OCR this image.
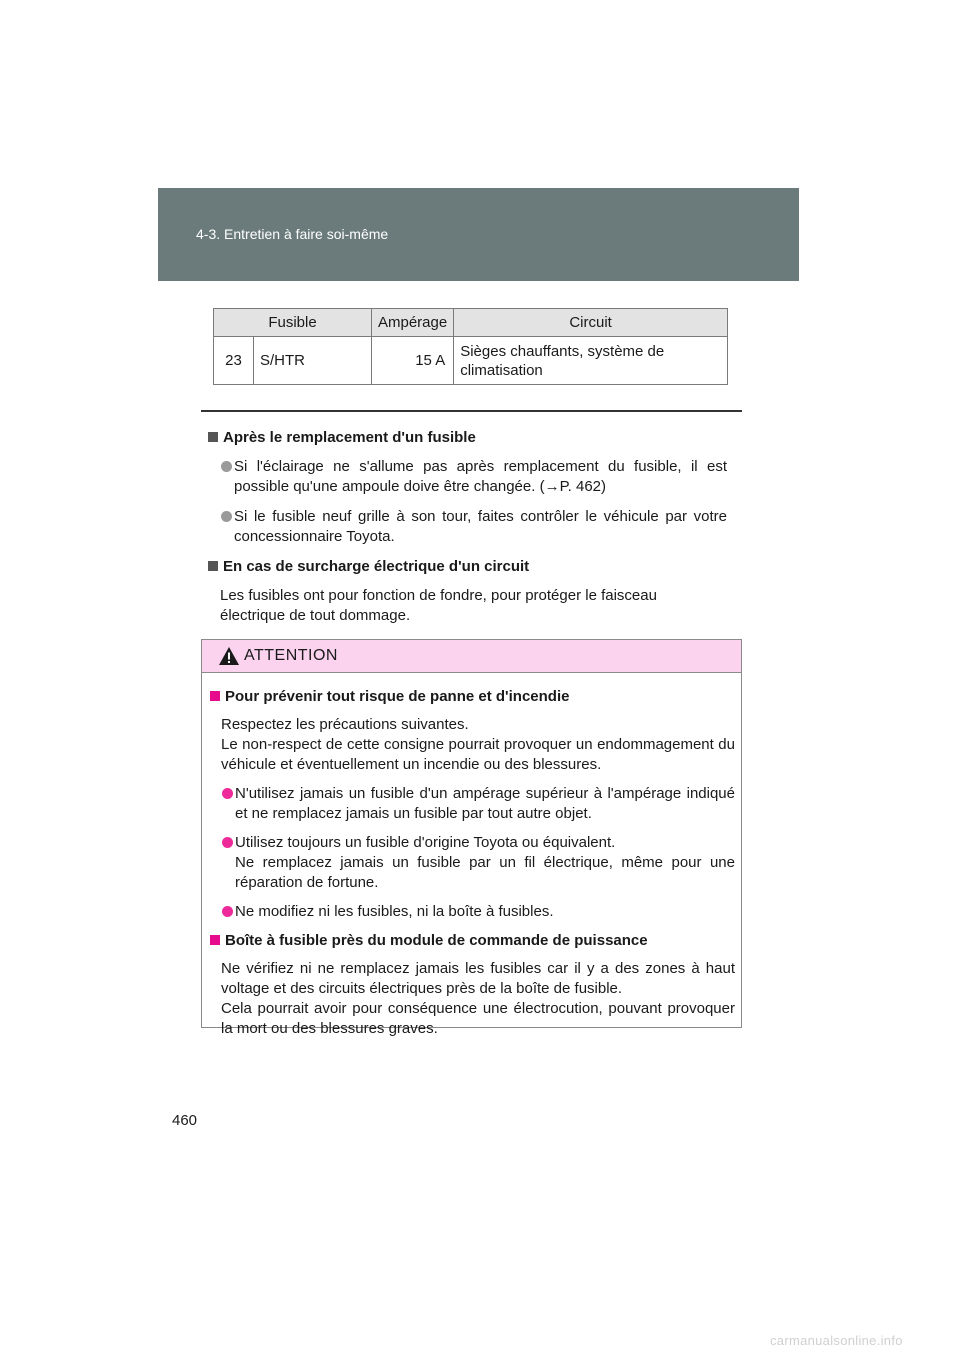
4-3. Entretien à faire soi-même
Fusible		Ampérage	Circuit
23	S/HTR	15 A	Sièges chauffants, système de
climatisation
Après le remplacement d'un fusible
Si l'éclairage ne s'allume pas après remplacement du fusible, il est possible qu'une ampoule doive être changée. (→P. 462)
Si le fusible neuf grille à son tour, faites contrôler le véhicule par votre concessionnaire Toyota.
En cas de surcharge électrique d'un circuit
Les fusibles ont pour fonction de fondre, pour protéger le faisceau électrique de tout dommage.
ATTENTION
Pour prévenir tout risque de panne et d'incendie
Respectez les précautions suivantes.
Le non-respect de cette consigne pourrait provoquer un endommagement du véhicule et éventuellement un incendie ou des blessures.
N'utilisez jamais un fusible d'un ampérage supérieur à l'ampérage indiqué et ne remplacez jamais un fusible par tout autre objet.
Utilisez toujours un fusible d'origine Toyota ou équivalent.
Ne remplacez jamais un fusible par un fil électrique, même pour une réparation de fortune.
Ne modifiez ni les fusibles, ni la boîte à fusibles.
Boîte à fusible près du module de commande de puissance
Ne vérifiez ni ne remplacez jamais les fusibles car il y a des zones à haut voltage et des circuits électriques près de la boîte de fusible.
Cela pourrait avoir pour conséquence une électrocution, pouvant provoquer la mort ou des blessures graves.
460
carmanualsonline.info
